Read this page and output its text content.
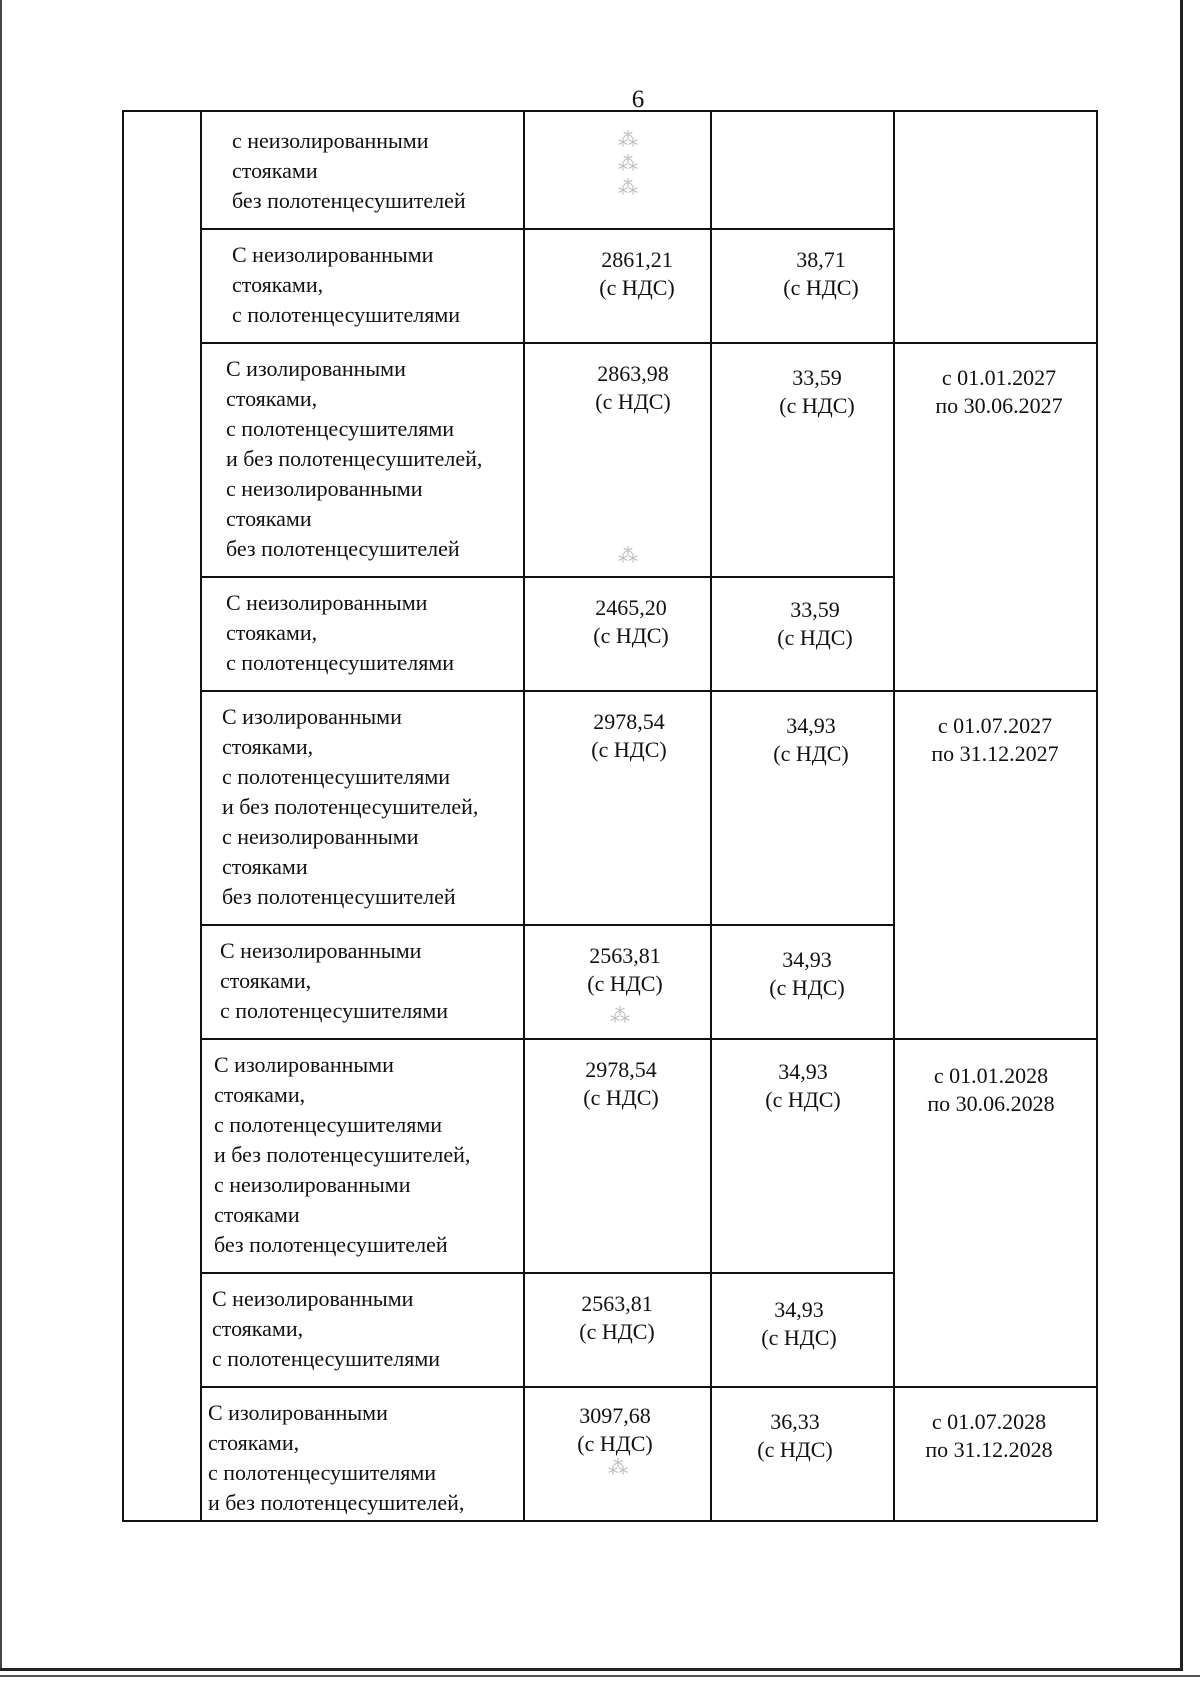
6
с неизолированными
стояками
без полотенцесушителей
⁂
⁂
⁂
С неизолированными
стояками,
с полотенцесушителями
2861,21
(с НДС)
38,71
(с НДС)
С изолированными
стояками,
с полотенцесушителями
и без полотенцесушителей,
с неизолированными
стояками
без полотенцесушителей
2863,98
(с НДС)
33,59
(с НДС)
с 01.01.2027
по 30.06.2027
⁂
С неизолированными
стояками,
с полотенцесушителями
2465,20
(с НДС)
33,59
(с НДС)
С изолированными
стояками,
с полотенцесушителями
и без полотенцесушителей,
с неизолированными
стояками
без полотенцесушителей
2978,54
(с НДС)
34,93
(с НДС)
с 01.07.2027
по 31.12.2027
С неизолированными
стояками,
с полотенцесушителями
2563,81
(с НДС)
34,93
(с НДС)
⁂
С изолированными
стояками,
с полотенцесушителями
и без полотенцесушителей,
с неизолированными
стояками
без полотенцесушителей
2978,54
(с НДС)
34,93
(с НДС)
с 01.01.2028
по 30.06.2028
С неизолированными
стояками,
с полотенцесушителями
2563,81
(с НДС)
34,93
(с НДС)
С изолированными
стояками,
с полотенцесушителями
и без полотенцесушителей,
3097,68
(с НДС)
36,33
(с НДС)
с 01.07.2028
по 31.12.2028
⁂
